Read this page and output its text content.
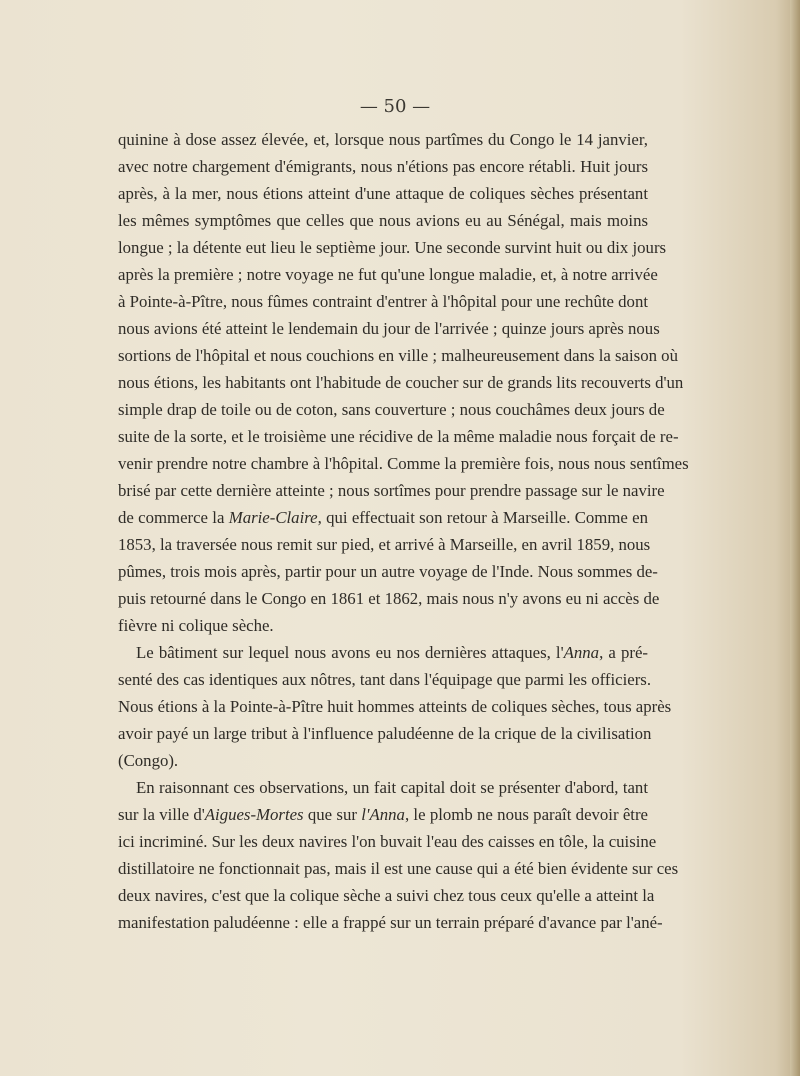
— 50 —
quinine à dose assez élevée, et, lorsque nous partîmes du Congo le 14 janvier,
avec notre chargement d'émigrants, nous n'étions pas encore rétabli. Huit jours
après, à la mer, nous étions atteint d'une attaque de coliques sèches présentant
les mêmes symptômes que celles que nous avions eu au Sénégal, mais moins
longue ; la détente eut lieu le septième jour. Une seconde survint huit ou dix jours
après la première ; notre voyage ne fut qu'une longue maladie, et, à notre arrivée
à Pointe-à-Pître, nous fûmes contraint d'entrer à l'hôpital pour une rechûte dont
nous avions été atteint le lendemain du jour de l'arrivée ; quinze jours après nous
sortions de l'hôpital et nous couchions en ville ; malheureusement dans la saison où
nous étions, les habitants ont l'habitude de coucher sur de grands lits recouverts d'un
simple drap de toile ou de coton, sans couverture ; nous couchâmes deux jours de
suite de la sorte, et le troisième une récidive de la même maladie nous forçait de re-
venir prendre notre chambre à l'hôpital. Comme la première fois, nous nous sentîmes
brisé par cette dernière atteinte ; nous sortîmes pour prendre passage sur le navire
de commerce la Marie-Claire, qui effectuait son retour à Marseille. Comme en
1853, la traversée nous remit sur pied, et arrivé à Marseille, en avril 1859, nous
pûmes, trois mois après, partir pour un autre voyage de l'Inde. Nous sommes de-
puis retourné dans le Congo en 1861 et 1862, mais nous n'y avons eu ni accès de
fièvre ni colique sèche.
Le bâtiment sur lequel nous avons eu nos dernières attaques, l'Anna, a pré-
senté des cas identiques aux nôtres, tant dans l'équipage que parmi les officiers.
Nous étions à la Pointe-à-Pître huit hommes atteints de coliques sèches, tous après
avoir payé un large tribut à l'influence paludéenne de la crique de la civilisation
(Congo).
En raisonnant ces observations, un fait capital doit se présenter d'abord, tant
sur la ville d'Aigues-Mortes que sur l'Anna, le plomb ne nous paraît devoir être
ici incriminé. Sur les deux navires l'on buvait l'eau des caisses en tôle, la cuisine
distillatoire ne fonctionnait pas, mais il est une cause qui a été bien évidente sur ces
deux navires, c'est que la colique sèche a suivi chez tous ceux qu'elle a atteint la
manifestation paludéenne : elle a frappé sur un terrain préparé d'avance par l'ané-
